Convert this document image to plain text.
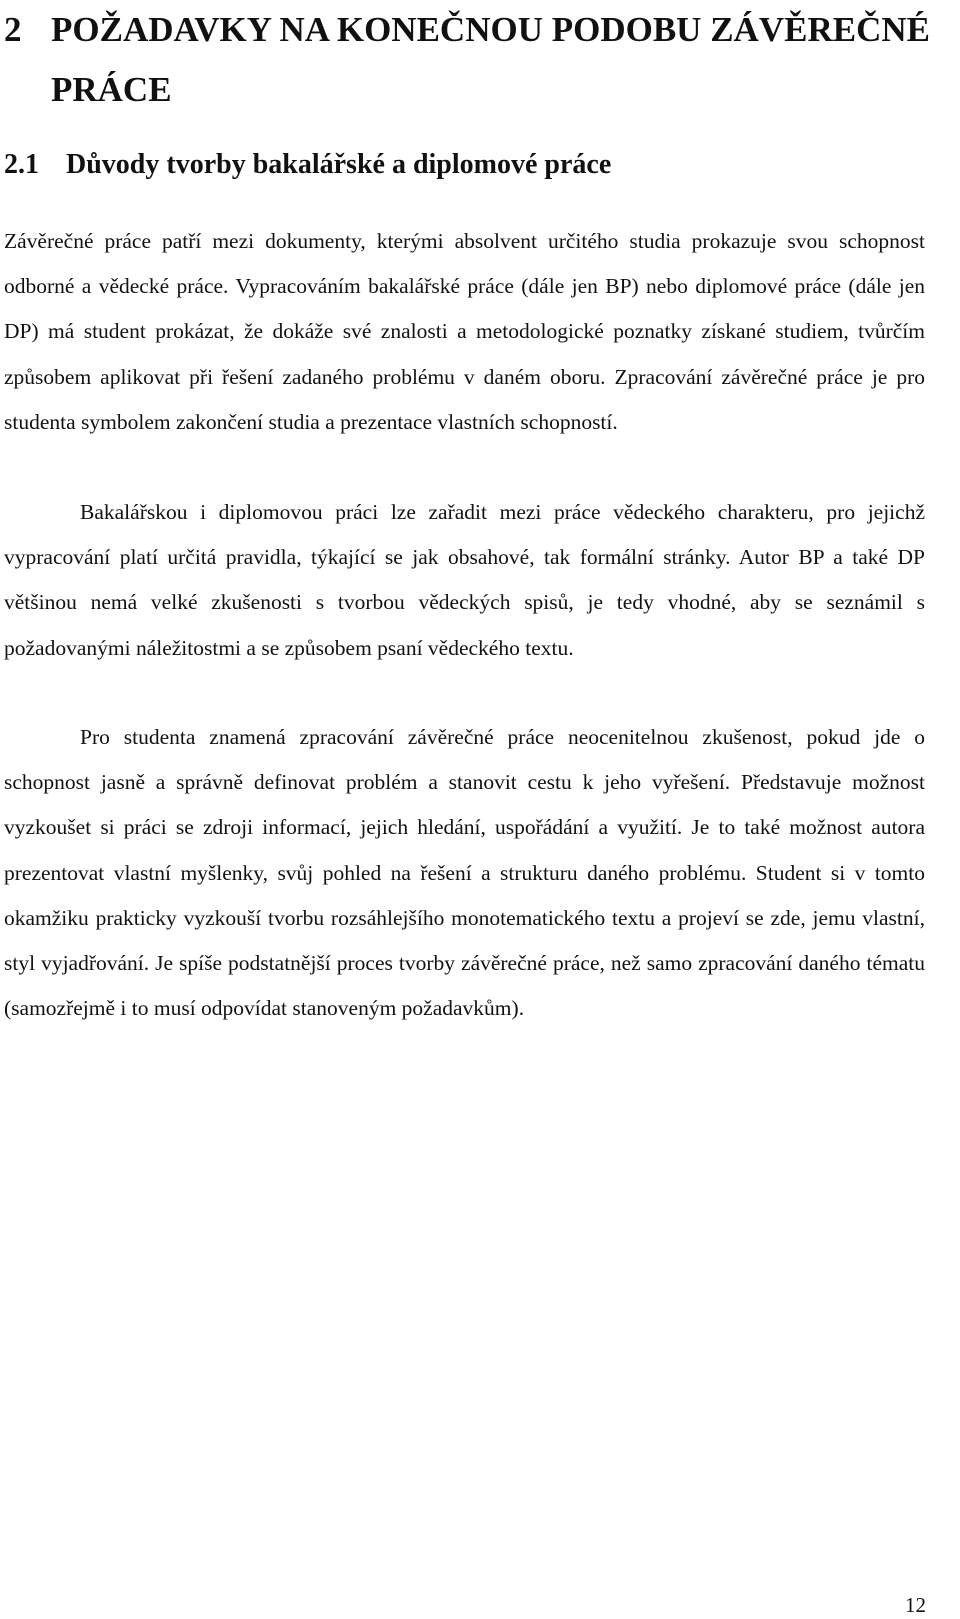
2 POŽADAVKY NA KONEČNOU PODOBU ZÁVĚREČNÉ PRÁCE
2.1 Důvody tvorby bakalářské a diplomové práce

Závěrečné práce patří mezi dokumenty, kterými absolvent určitého studia prokazuje svou schopnost odborné a vědecké práce. Vypracováním bakalářské práce (dále jen BP) nebo diplomové práce (dále jen DP) má student prokázat, že dokáže své znalosti a metodologické poznatky získané studiem, tvůrčím způsobem aplikovat při řešení zadaného problému v daném oboru. Zpracování závěrečné práce je pro studenta symbolem zakončení studia a prezentace vlastních schopností.

Bakalářskou i diplomovou práci lze zařadit mezi práce vědeckého charakteru, pro jejichž vypracování platí určitá pravidla, týkající se jak obsahové, tak formální stránky. Autor BP a také DP většinou nemá velké zkušenosti s tvorbou vědeckých spisů, je tedy vhodné, aby se seznámil s požadovanými náležitostmi a se způsobem psaní vědeckého textu.

Pro studenta znamená zpracování závěrečné práce neocenitelnou zkušenost, pokud jde o schopnost jasně a správně definovat problém a stanovit cestu k jeho vyřešení. Představuje možnost vyzkoušet si práci se zdroji informací, jejich hledání, uspořádání a využití. Je to také možnost autora prezentovat vlastní myšlenky, svůj pohled na řešení a strukturu daného problému. Student si v tomto okamžiku prakticky vyzkouší tvorbu rozsáhlejšího monotematického textu a projeví se zde, jemu vlastní, styl vyjadřování. Je spíše podstatnější proces tvorby závěrečné práce, než samo zpracování daného tématu (samozřejmě i to musí odpovídat stanoveným požadavkům).

12
